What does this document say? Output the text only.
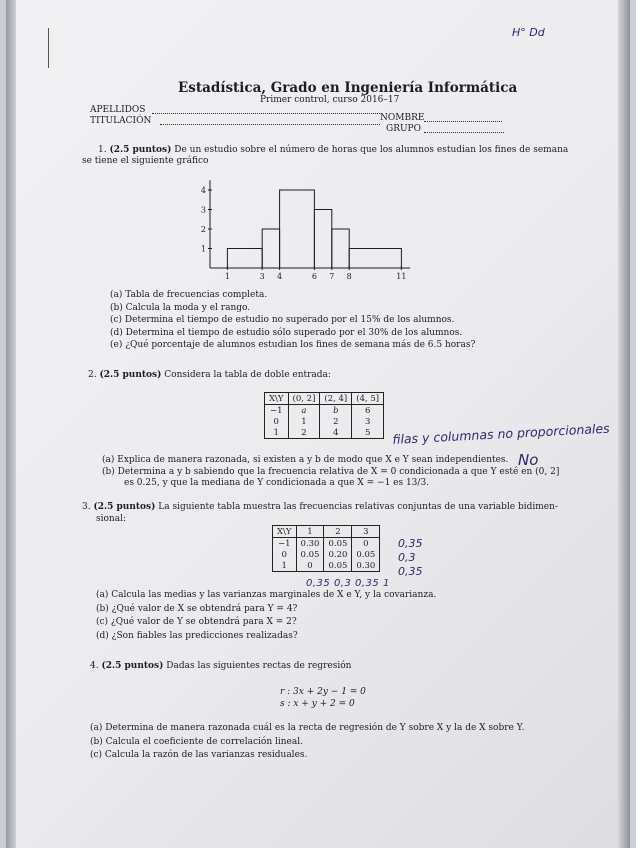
H° Dd
Estadística, Grado en Ingeniería Informática
Primer control, curso 2016–17
APELLIDOS
NOMBRE
TITULACIÓN
GRUPO
1. (2.5 puntos) De un estudio sobre el número de horas que los alumnos estudian los fines de semana
se tiene el siguiente gráfico
1
2
3
4
1	3 4	6 7 8	11
(a) Tabla de frecuencias completa.
(b) Calcula la moda y el rango.
(c) Determina el tiempo de estudio no superado por el 15% de los alumnos.
(d) Determina el tiempo de estudio sólo superado por el 30% de los alumnos.
(e) ¿Qué porcentaje de alumnos estudian los fines de semana más de 6.5 horas?
2. (2.5 puntos) Considera la tabla de doble entrada:
X\Y	(0, 2]	(2, 4]	(4, 5]
−1	a	b	6
0	1	2	3
1	2	4	5 filas y columnas no proporcionales
(a) Explica de manera razonada, si existen a y b de modo que X e Y sean independientes.
(b) Determina a y b sabiendo que la frecuencia relativa de X = 0 condicionada a que Y esté en (0, 2]
es 0.25, y que la mediana de Y condicionada a que X = −1 es 13/3.
No
3. (2.5 puntos) La siguiente tabla muestra las frecuencias relativas conjuntas de una variable bidimen-
sional:
X\Y	1	2	3
−1	0.30	0.05	0
0	0.05	0.20	0.05
1	0	0.05	0.30
0,35
0,3
0,35
0,35 0,3 0,35 1
(a) Calcula las medias y las varianzas marginales de X e Y, y la covarianza.
(b) ¿Qué valor de X se obtendrá para Y = 4?
(c) ¿Qué valor de Y se obtendrá para X = 2?
(d) ¿Son fiables las predicciones realizadas?
4. (2.5 puntos) Dadas las siguientes rectas de regresión
r : 3x + 2y − 1 = 0
s : x + y + 2 = 0
(a) Determina de manera razonada cuál es la recta de regresión de Y sobre X y la de X sobre Y.
(b) Calcula el coeficiente de correlación lineal.
(c) Calcula la razón de las varianzas residuales.
